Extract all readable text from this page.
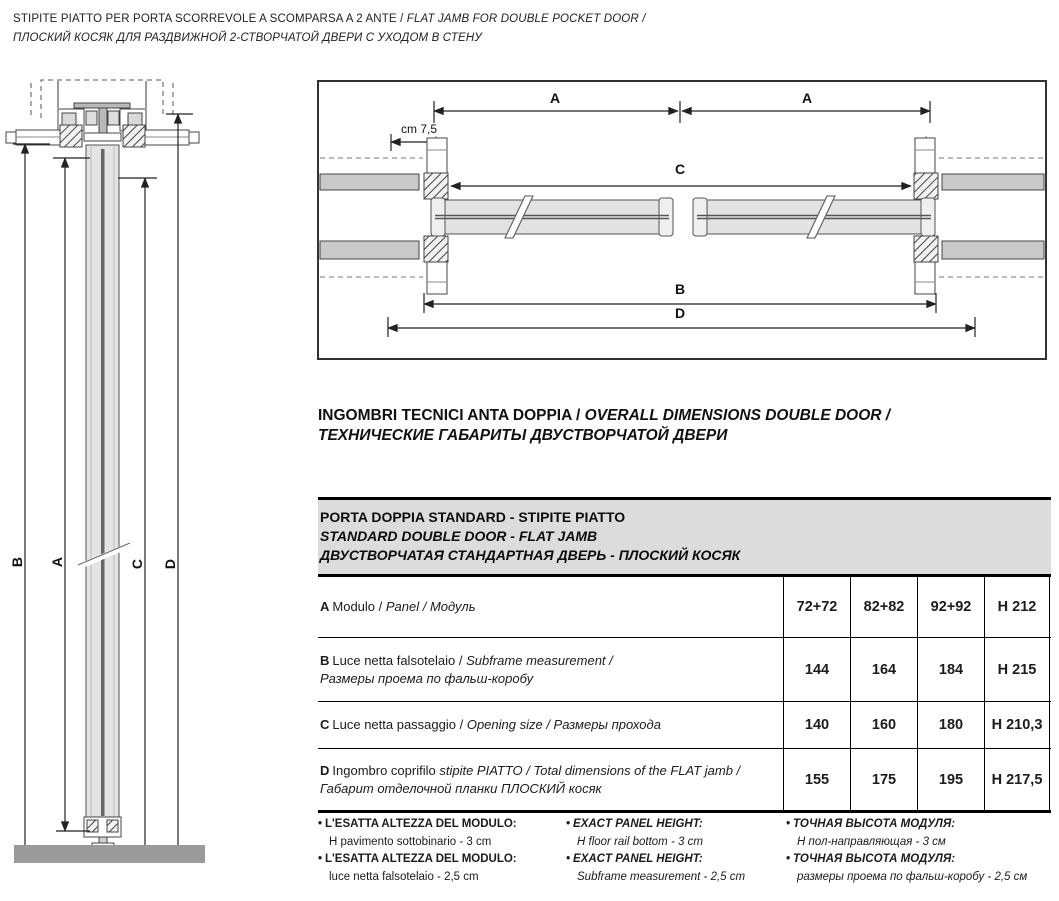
STIPITE PIATTO PER PORTA SCORREVOLE A SCOMPARSA A 2 ANTE / FLAT JAMB FOR DOUBLE POCKET DOOR /
ПЛОСКИЙ КОСЯК ДЛЯ РАЗДВИЖНОЙ 2-СТВОРЧАТОЙ ДВЕРИ С УХОДОМ В СТЕНУ
B A	C D
A	A
cm 7,5
C
B
D
INGOMBRI TECNICI ANTA DOPPIA / OVERALL DIMENSIONS DOUBLE DOOR /
ТЕХНИЧЕСКИЕ ГАБАРИТЫ ДВУСТВОРЧАТОЙ ДВЕРИ
PORTA DOPPIA STANDARD - STIPITE PIATTO
STANDARD DOUBLE DOOR - FLAT JAMB
ДВУСТВОРЧАТАЯ СТАНДАРТНАЯ ДВЕРЬ - ПЛОСКИЙ КОСЯК
A Modulo / Panel / Модуль	72+72	82+82	92+92	H 212
B Luce netta falsotelaio / Subframe measurement /
Размеры проема по фальш-коробу
144	164	184	H 215
C Luce netta passaggio / Opening size / Размеры прохода	140	160	180	H 210,3
D Ingombro coprifilo stipite PIATTO / Total dimensions of the FLAT jamb /
Габарит отделочной планки ПЛОСКИЙ косяк
155	175	195	H 217,5
• L'ESATTA ALTEZZA DEL MODULO:
H pavimento sottobinario - 3 cm
• L'ESATTA ALTEZZA DEL MODULO:
luce netta falsotelaio - 2,5 cm
• EXACT PANEL HEIGHT:
H floor rail bottom - 3 cm
• EXACT PANEL HEIGHT:
Subframe measurement - 2,5 cm
• ТОЧНАЯ ВЫСОТА МОДУЛЯ:
Н пол-направляющая - 3 см
• ТОЧНАЯ ВЫСОТА МОДУЛЯ:
размеры проема по фальш-коробу - 2,5 см
